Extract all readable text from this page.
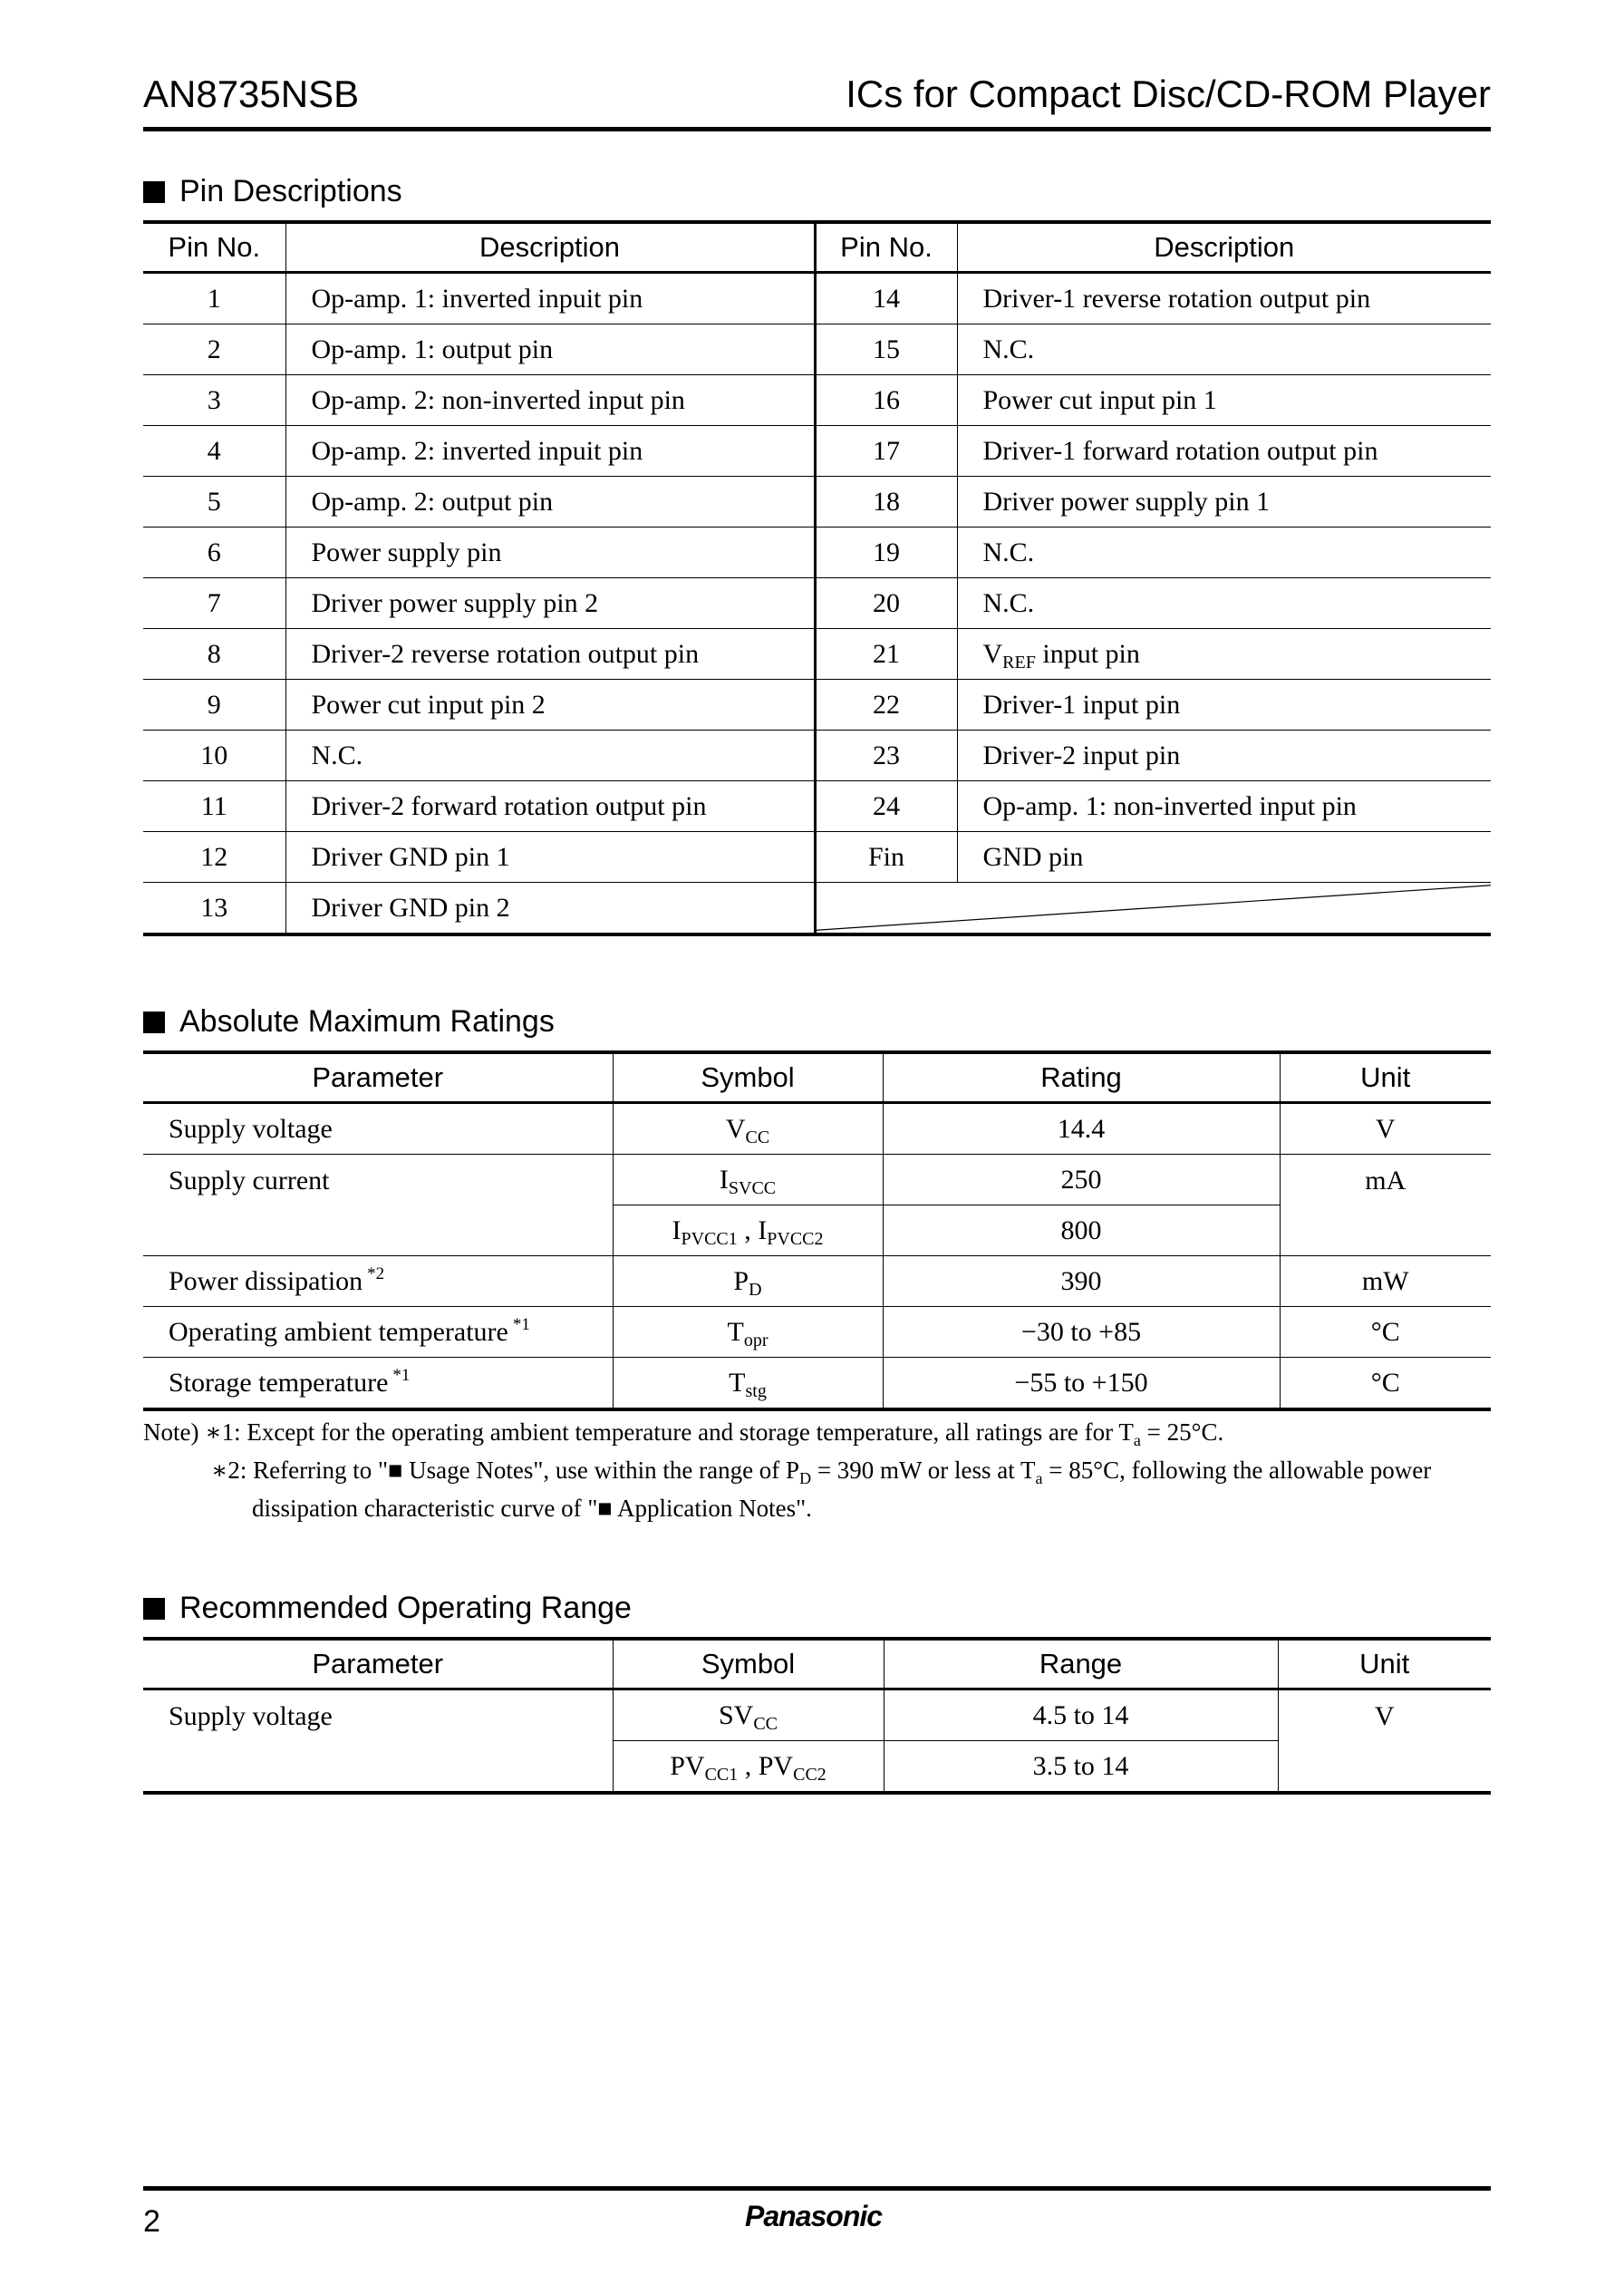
AN8735NSB	ICs for Compact Disc/CD-ROM Player
Pin Descriptions
Pin No.	Description	Pin No.	Description
1	Op-amp. 1: inverted inpuit pin	14	Driver-1 reverse rotation output pin
2	Op-amp. 1: output pin	15	N.C.
3	Op-amp. 2: non-inverted input pin	16	Power cut input pin 1
4	Op-amp. 2: inverted inpuit pin	17	Driver-1 forward rotation output pin
5	Op-amp. 2: output pin	18	Driver power supply pin 1
6	Power supply pin	19	N.C.
7	Driver power supply pin 2	20	N.C.
8	Driver-2 reverse rotation output pin	21	$V_{REF}$ input pin
9	Power cut input pin 2	22	Driver-1 input pin
10	N.C.	23	Driver-2 input pin
11	Driver-2 forward rotation output pin	24	Op-amp. 1: non-inverted input pin
12	Driver GND pin 1	Fin	GND pin
13	Driver GND pin 2	
Absolute Maximum Ratings
Parameter	Symbol	Rating	Unit
Supply voltage	$V_{CC}$	14.4	V
Supply current	$I_{SVCC}$	250	mA
	$I_{PVCC1}$ , $I_{PVCC2}$	800	
Power dissipation $^{*2}$	$P_D$	390	mW
Operating ambient temperature $^{*1}$	$T_{opr}$	−30 to +85	°C
Storage temperature $^{*1}$	$T_{stg}$	−55 to +150	°C
Note) ∗1: Except for the operating ambient temperature and storage temperature, all ratings are for $T_a = 25^\circ C$.
∗2: Referring to "■ Usage Notes", use within the range of $P_D = 390$ mW or less at $T_a = 85^\circ C$, following the allowable power
dissipation characteristic curve of "■ Application Notes".
Recommended Operating Range
Parameter	Symbol	Range	Unit
Supply voltage	$SV_{CC}$	4.5 to 14	V
	$PV_{CC1}$ , $PV_{CC2}$	3.5 to 14	
2	Panasonic
